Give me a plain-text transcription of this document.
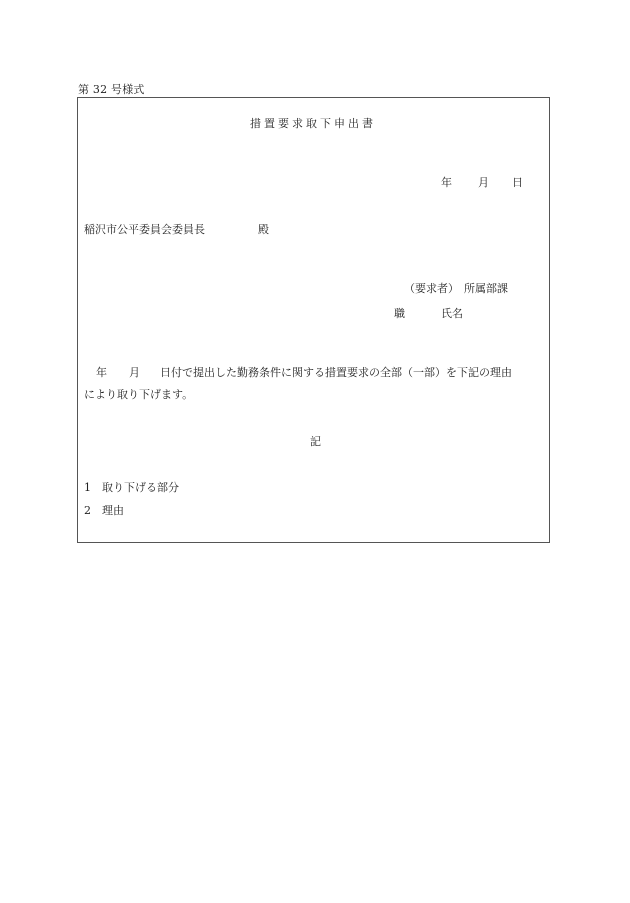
第 32 号様式
措置要求取下申出書
年 月 日
稲沢市公平委員会委員長	殿
（要求者） 所属部課
職	氏名
年 月 日付で提出した勤務条件に関する措置要求の全部（一部）を下記の理由
により取り下げます。
記
1 取り下げる部分
2 理由
